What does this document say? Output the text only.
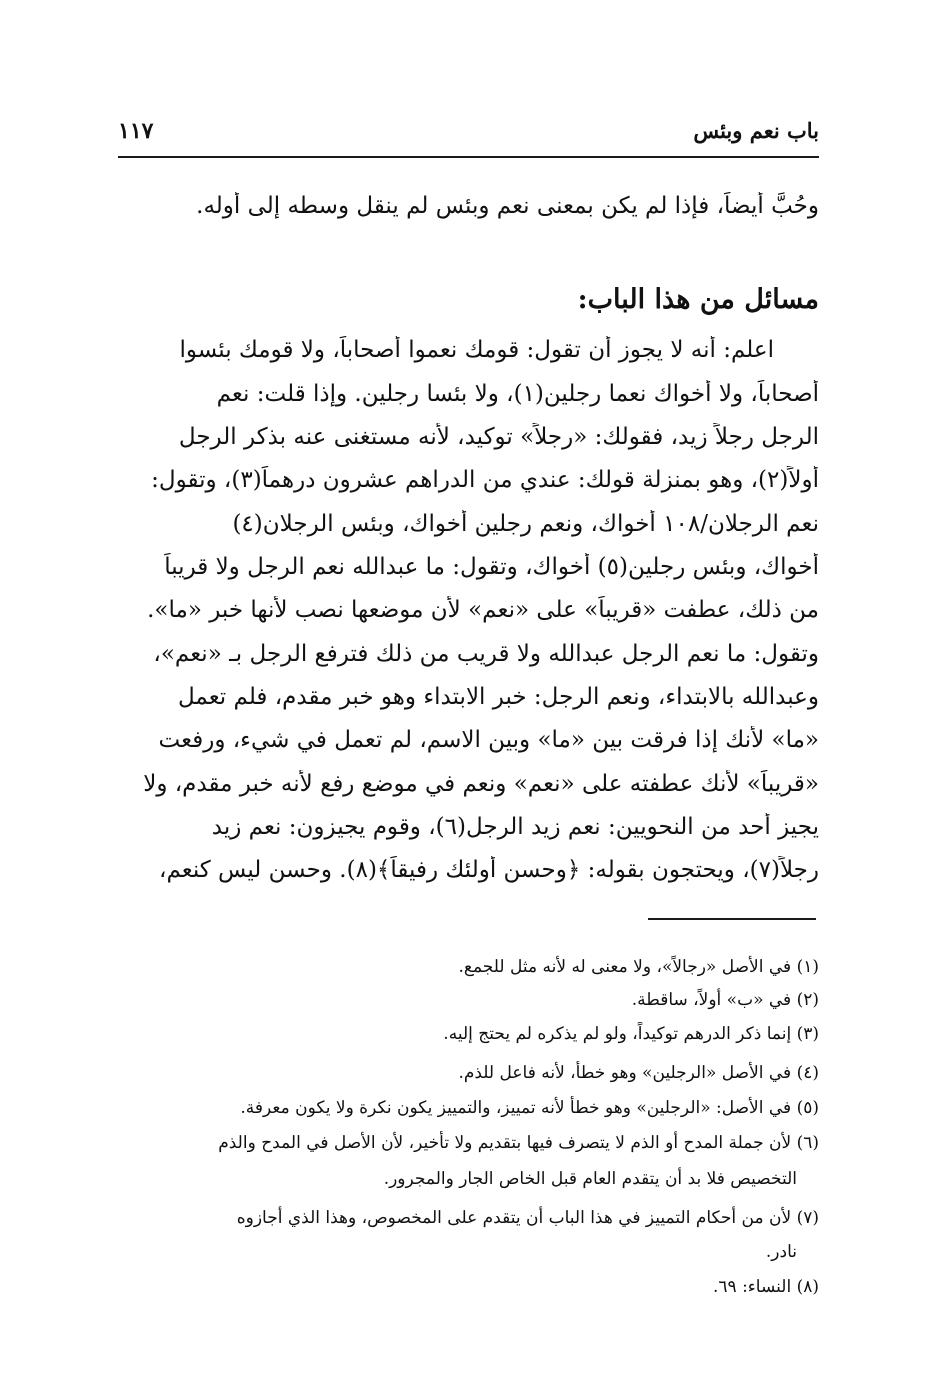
باب نعم وبئس
١١٧
وحُبَّ أيضاً، فإذا لم يكن بمعنى نعم وبئس لم ينقل وسطه إلى أوله.
مسائل من هذا الباب:
اعلم: أنه لا يجوز أن تقول: قومك نعموا أصحاباً، ولا قومك بئسوا
أصحاباً، ولا أخواك نعما رجلين(١)، ولا بئسا رجلين. وإذا قلت: نعم
الرجل رجلاً زيد، فقولك: «رجلاً» توكيد، لأنه مستغنى عنه بذكر الرجل
أولاً(٢)، وهو بمنزلة قولك: عندي من الدراهم عشرون درهماً(٣)، وتقول:
نعم الرجلان/١٠٨ أخواك، ونعم رجلين أخواك، وبئس الرجلان(٤)
أخواك، وبئس رجلين(٥) أخواك، وتقول: ما عبدالله نعم الرجل ولا قريباً
من ذلك، عطفت «قريباً» على «نعم» لأن موضعها نصب لأنها خبر «ما».
وتقول: ما نعم الرجل عبدالله ولا قريب من ذلك فترفع الرجل بـ «نعم»،
وعبدالله بالابتداء، ونعم الرجل: خبر الابتداء وهو خبر مقدم، فلم تعمل
«ما» لأنك إذا فرقت بين «ما» وبين الاسم، لم تعمل في شيء، ورفعت
«قريباً» لأنك عطفته على «نعم» ونعم في موضع رفع لأنه خبر مقدم، ولا
يجيز أحد من النحويين: نعم زيد الرجل(٦)، وقوم يجيزون: نعم زيد
رجلاً(٧)، ويحتجون بقوله: ﴿وحسن أولئك رفيقاً﴾(٨). وحسن ليس كنعم،
(١) في الأصل «رجالاً»، ولا معنى له لأنه مثل للجمع.
(٢) في «ب» أولاً، ساقطة.
(٣) إنما ذكر الدرهم توكيداً، ولو لم يذكره لم يحتج إليه.
(٤) في الأصل «الرجلين» وهو خطأ، لأنه فاعل للذم.
(٥) في الأصل: «الرجلين» وهو خطأ لأنه تمييز، والتمييز يكون نكرة ولا يكون معرفة.
(٦) لأن جملة المدح أو الذم لا يتصرف فيها بتقديم ولا تأخير، لأن الأصل في المدح والذم
التخصيص فلا بد أن يتقدم العام قبل الخاص الجار والمجرور.
(٧) لأن من أحكام التمييز في هذا الباب أن يتقدم على المخصوص، وهذا الذي أجازوه
نادر.
(٨) النساء: ٦٩.
